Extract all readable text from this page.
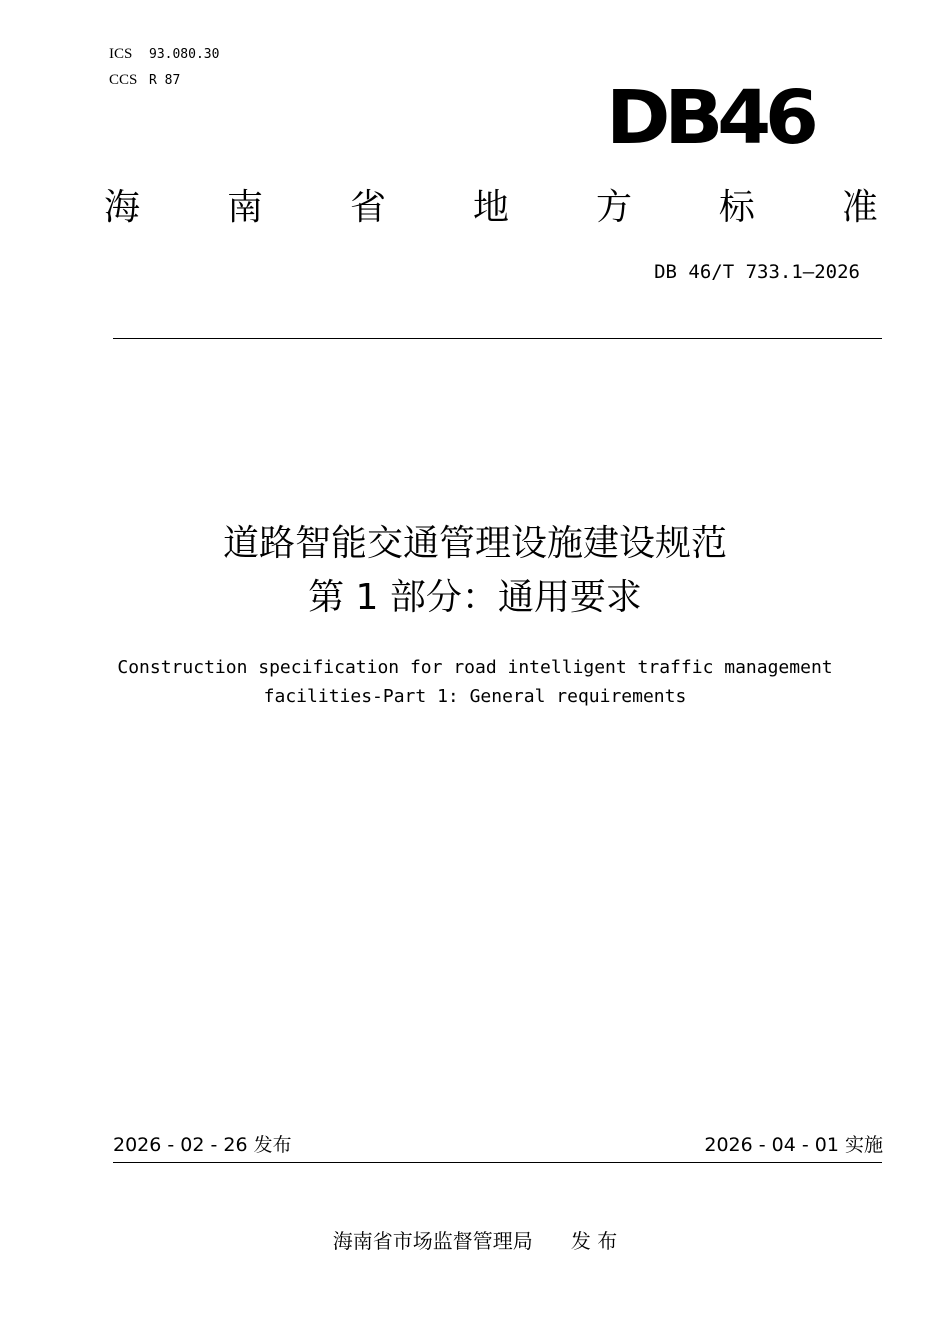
ICS 93.080.30
CCS R 87	DB46
海 南 省 地 方 标 准
DB 46/T 733.1—2026
道路智能交通管理设施建设规范
第 1 部分：通用要求
Construction specification for road intelligent traffic management
facilities-Part 1: General requirements
2026 - 02 - 26 发布	2026 - 04 - 01 实施
海南省市场监督管理局      发 布
